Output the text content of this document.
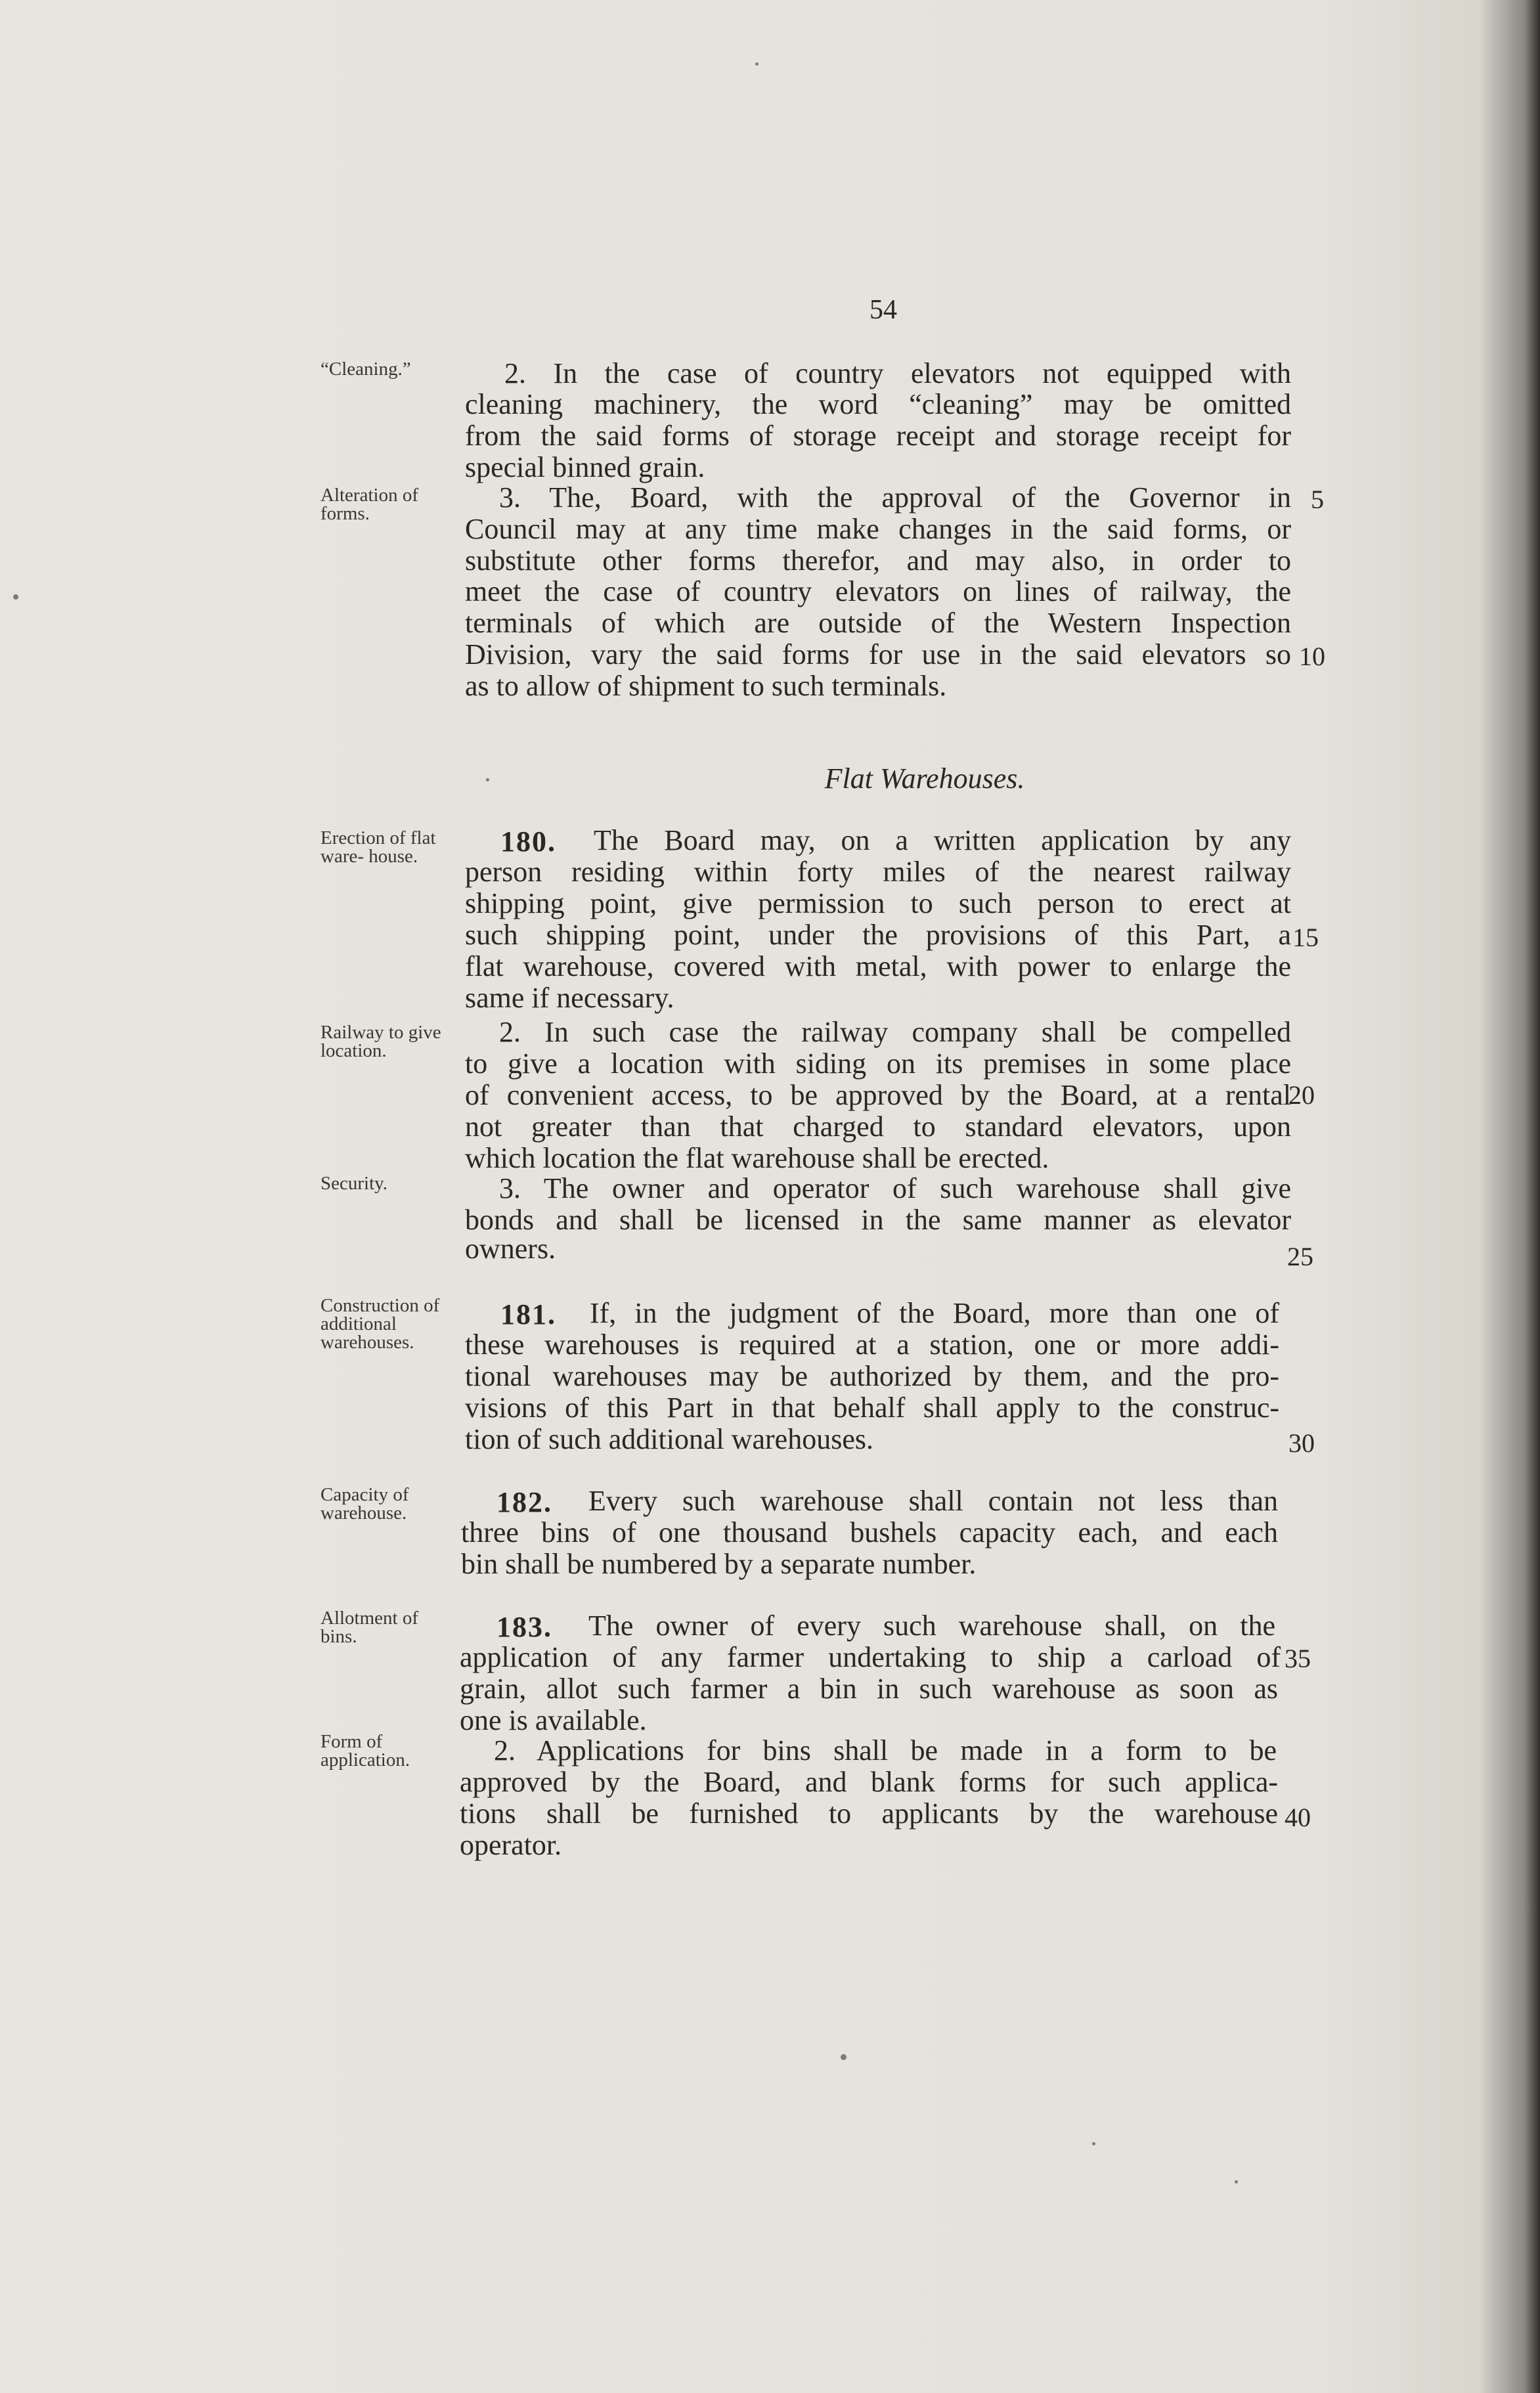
54
“Cleaning.”
Alteration of forms.
Erection of flat ware- house.
Railway to give location.
Security.
Construction of additional warehouses.
Capacity of warehouse.
Allotment of bins.
Form of application.
2. In the case of country elevators not equipped with
cleaning machinery, the word “cleaning” may be omitted
from the said forms of storage receipt and storage receipt for
special binned grain.
3. The, Board, with the approval of the Governor in
Council may at any time make changes in the said forms, or
substitute other forms therefor, and may also, in order to
meet the case of country elevators on lines of railway, the
terminals of which are outside of the Western Inspection
Division, vary the said forms for use in the said elevators so
as to allow of shipment to such terminals.
Flat Warehouses.
180. The Board may, on a written application by any
person residing within forty miles of the nearest railway
shipping point, give permission to such person to erect at
such shipping point, under the provisions of this Part, a
flat warehouse, covered with metal, with power to enlarge the
same if necessary.
2. In such case the railway company shall be compelled
to give a location with siding on its premises in some place
of convenient access, to be approved by the Board, at a rental
not greater than that charged to standard elevators, upon
which location the flat warehouse shall be erected.
3. The owner and operator of such warehouse shall give
bonds and shall be licensed in the same manner as elevator
owners.
181. If, in the judgment of the Board, more than one of
these warehouses is required at a station, one or more addi-
tional warehouses may be authorized by them, and the pro-
visions of this Part in that behalf shall apply to the construc-
tion of such additional warehouses.
182. Every such warehouse shall contain not less than
three bins of one thousand bushels capacity each, and each
bin shall be numbered by a separate number.
183. The owner of every such warehouse shall, on the
application of any farmer undertaking to ship a carload of
grain, allot such farmer a bin in such warehouse as soon as
one is available.
2. Applications for bins shall be made in a form to be
approved by the Board, and blank forms for such applica-
tions shall be furnished to applicants by the warehouse
operator.
5
10
15
20
25
30
35
40
